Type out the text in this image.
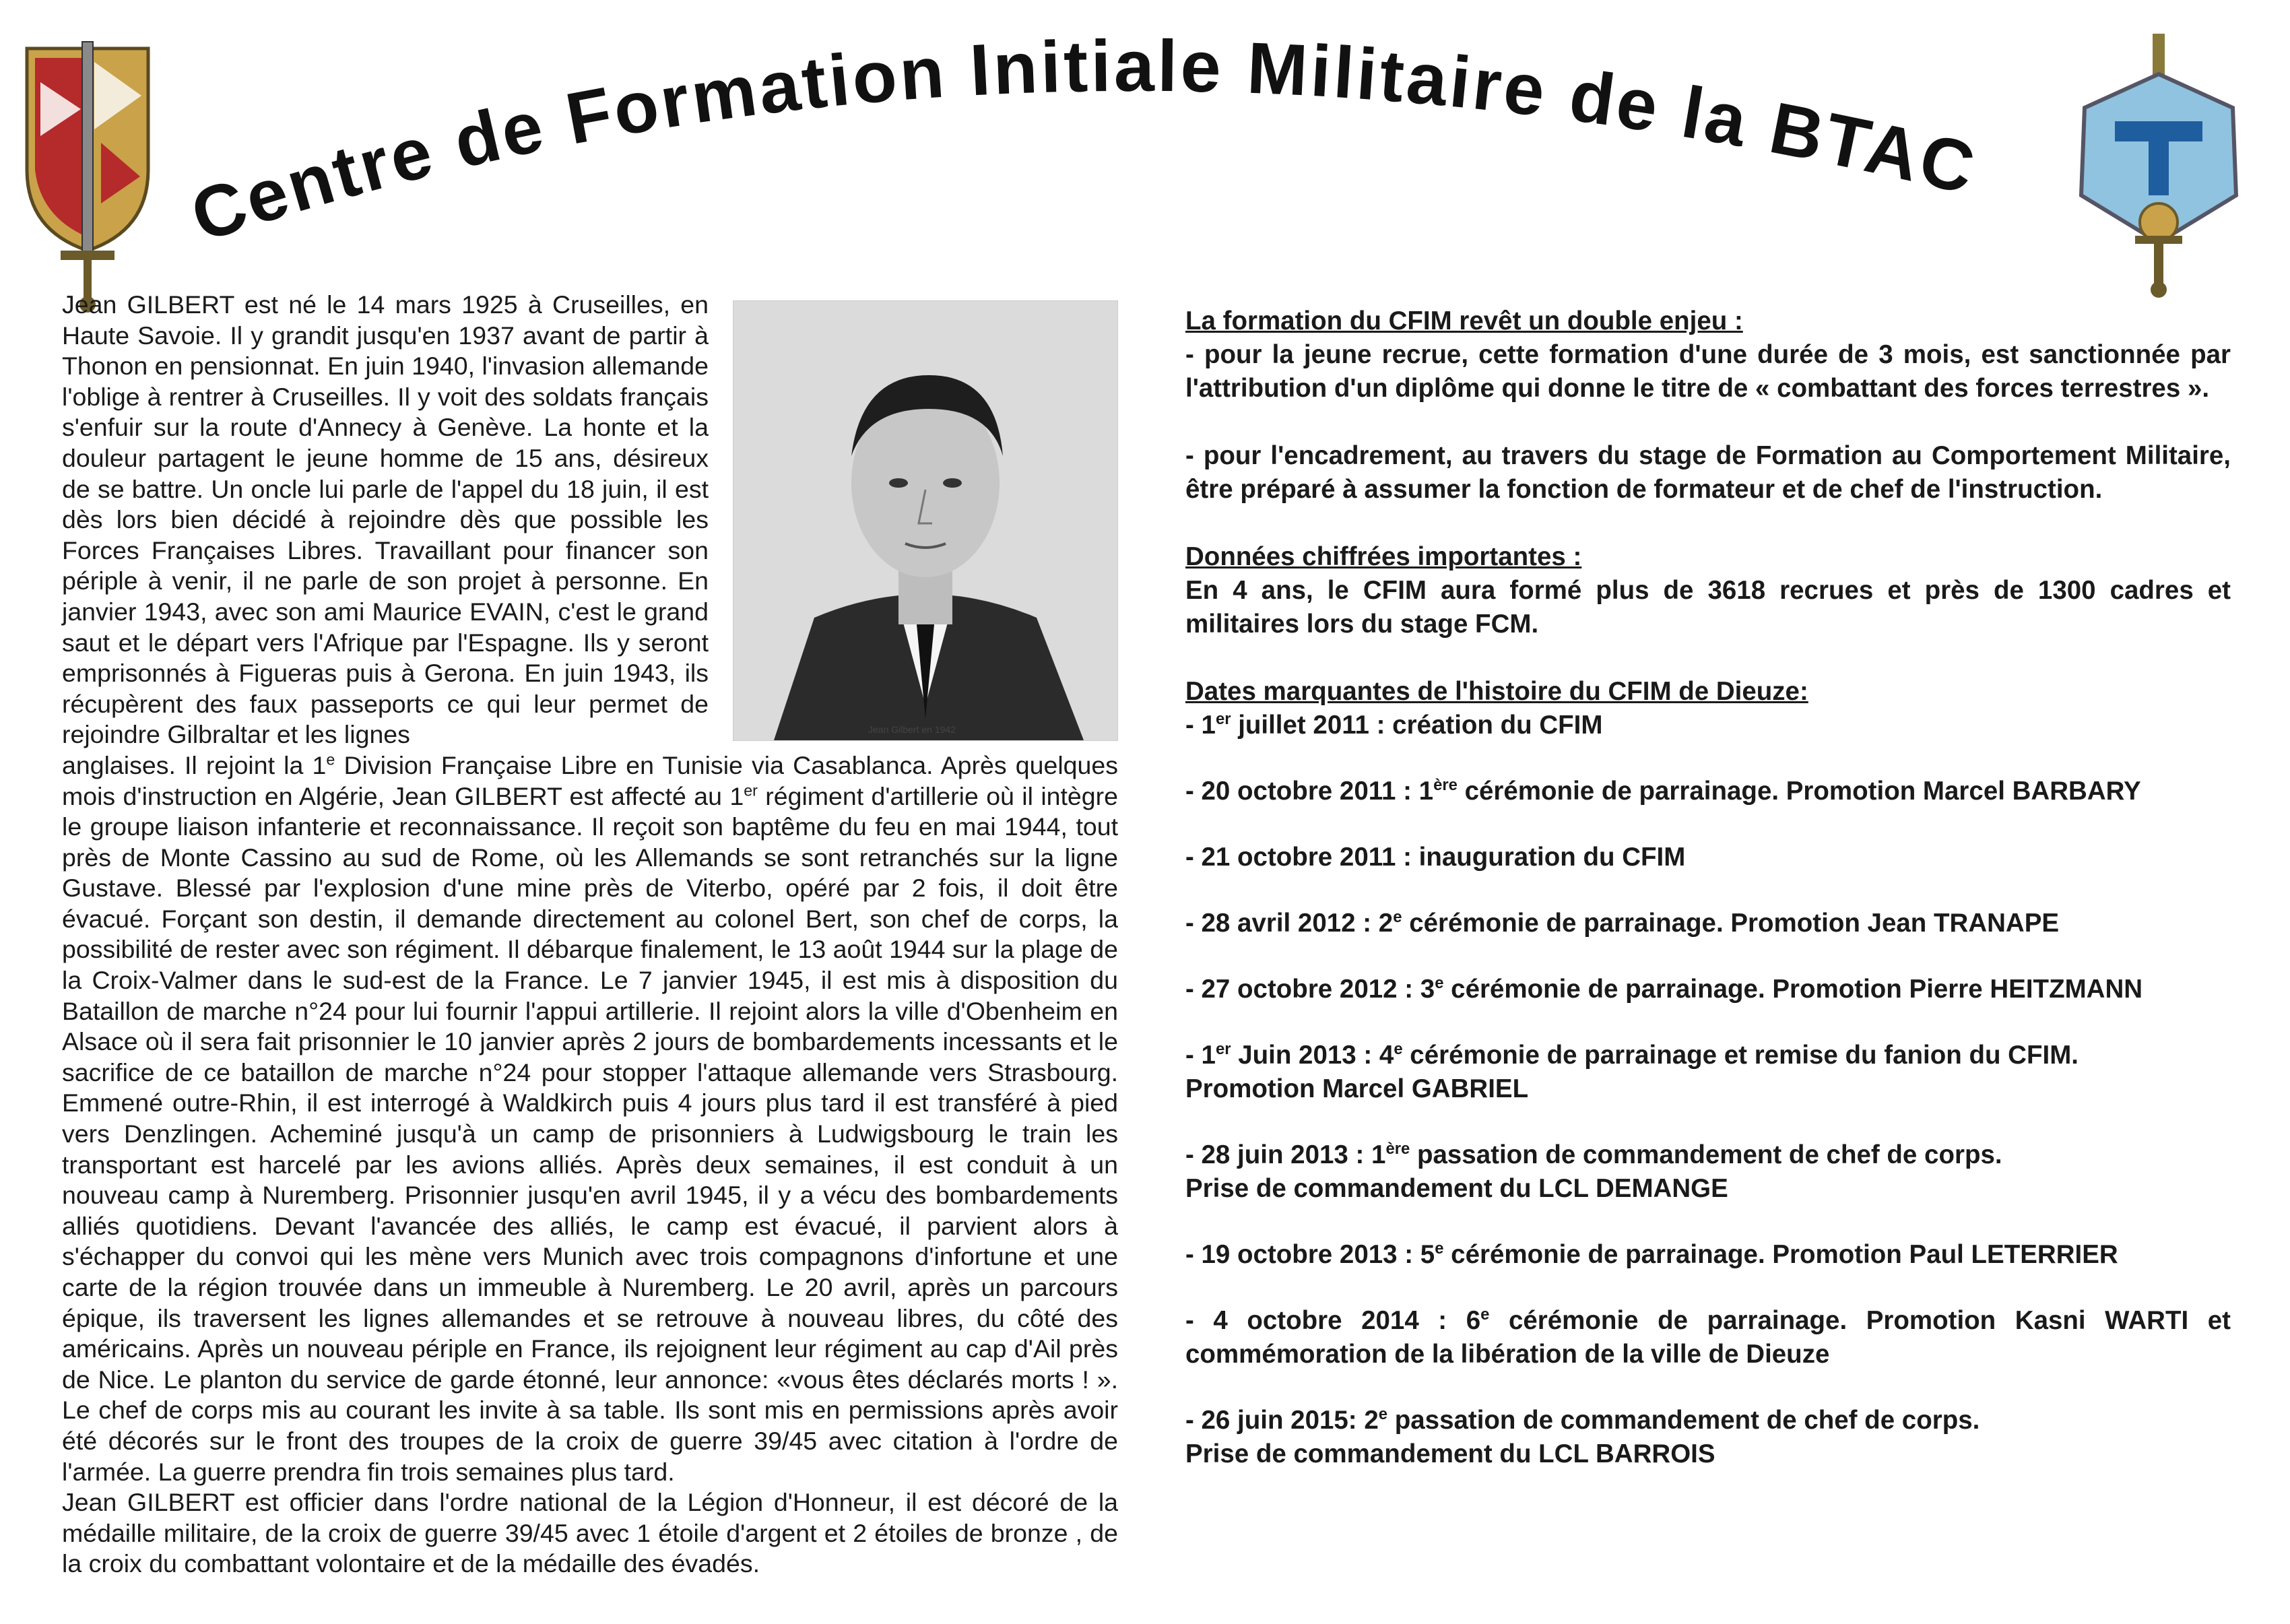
Centre de Formation Initiale Militaire de la BTAC
Jean Gilbert en 1942
Jean GILBERT est né le 14 mars 1925 à Cruseilles, en Haute Savoie. Il y grandit jusqu'en 1937 avant de partir à Thonon en pensionnat. En juin 1940, l'invasion allemande l'oblige à rentrer à Cruseilles. Il y voit des soldats français s'enfuir sur la route d'Annecy à Genève. La honte et la douleur partagent le jeune homme de 15 ans, désireux de se battre. Un oncle lui parle de l'appel du 18 juin, il est dès lors bien décidé à rejoindre dès que possible les Forces Françaises Libres. Travaillant pour financer son périple à venir, il ne parle de son projet à personne. En janvier 1943, avec son ami Maurice EVAIN, c'est le grand saut et le départ vers l'Afrique par l'Espagne. Ils y seront emprisonnés à Figueras puis à Gerona. En juin 1943, ils récupèrent des faux passeports ce qui leur permet de rejoindre Gilbraltar et les lignes
anglaises. Il rejoint la 1e Division Française Libre en Tunisie via Casablanca. Après quelques mois d'instruction en Algérie, Jean GILBERT est affecté au 1er régiment d'artillerie où il intègre le groupe liaison infanterie et reconnaissance. Il reçoit son baptême du feu en mai 1944, tout près de Monte Cassino au sud de Rome, où les Allemands se sont retranchés sur la ligne Gustave. Blessé par l'explosion d'une mine près de Viterbo, opéré par 2 fois, il doit être évacué. Forçant son destin, il demande directement au colonel Bert, son chef de corps, la possibilité de rester avec son régiment. Il débarque finalement, le 13 août 1944 sur la plage de la Croix-Valmer dans le sud-est de la France. Le 7 janvier 1945, il est mis à disposition du Bataillon de marche n°24 pour lui fournir l'appui artillerie. Il rejoint alors la ville d'Obenheim en Alsace où il sera fait prisonnier le 10 janvier après 2 jours de bombardements incessants et le sacrifice de ce bataillon de marche n°24 pour stopper l'attaque allemande vers Strasbourg. Emmené outre-Rhin, il est interrogé à Waldkirch puis 4 jours plus tard il est transféré à pied vers Denzlingen. Acheminé jusqu'à un camp de prisonniers à Ludwigsbourg le train les transportant est harcelé par les avions alliés. Après deux semaines, il est conduit à un nouveau camp à Nuremberg. Prisonnier jusqu'en avril 1945, il y a vécu des bombardements alliés quotidiens. Devant l'avancée des alliés, le camp est évacué, il parvient alors à s'échapper du convoi qui les mène vers Munich avec trois compagnons d'infortune et une carte de la région trouvée dans un immeuble à Nuremberg. Le 20 avril, après un parcours épique, ils traversent les lignes allemandes et se retrouve à nouveau libres, du côté des américains. Après un nouveau périple en France, ils rejoignent leur régiment au cap d'Ail près de Nice. Le planton du service de garde étonné, leur annonce: «vous êtes déclarés morts ! ». Le chef de corps mis au courant les invite à sa table. Ils sont mis en permissions après avoir été décorés sur le front des troupes de la croix de guerre 39/45 avec citation à l'ordre de l'armée. La guerre prendra fin trois semaines plus tard.
Jean GILBERT est officier dans l'ordre national de la Légion d'Honneur, il est décoré de la médaille militaire, de la croix de guerre 39/45 avec 1 étoile d'argent et 2 étoiles de bronze , de la croix du combattant volontaire et de la médaille des évadés.

La formation du CFIM revêt un double enjeu :

- pour la jeune recrue, cette formation d'une durée de 3 mois, est sanctionnée par l'attribution d'un diplôme qui donne le titre de « combattant des forces terrestres ».

- pour l'encadrement, au travers du stage de Formation au Comportement Militaire, être préparé à assumer la fonction de formateur et de chef de l'instruction.

Données chiffrées importantes :

En 4 ans, le CFIM aura formé plus de 3618 recrues et près de 1300 cadres et militaires lors du stage FCM.

Dates marquantes de l'histoire du CFIM de Dieuze:

- 1er juillet 2011 : création du CFIM

- 20 octobre 2011 : 1ère cérémonie de parrainage. Promotion Marcel BARBARY

- 21 octobre 2011 : inauguration du CFIM

- 28 avril 2012 : 2e cérémonie de parrainage. Promotion Jean TRANAPE

- 27 octobre 2012 : 3e cérémonie de parrainage. Promotion Pierre HEITZMANN

- 1er Juin 2013 : 4e cérémonie de parrainage et remise du fanion du CFIM.

Promotion Marcel GABRIEL

- 28 juin 2013 : 1ère passation de commandement de chef de corps.

Prise de commandement du LCL DEMANGE

- 19 octobre 2013 : 5e cérémonie de parrainage. Promotion Paul LETERRIER

- 4 octobre 2014 : 6e cérémonie de parrainage. Promotion Kasni WARTI et commémoration de la libération de la ville de Dieuze

- 26 juin 2015: 2e passation de commandement de chef de corps.

Prise de commandement du LCL BARROIS
